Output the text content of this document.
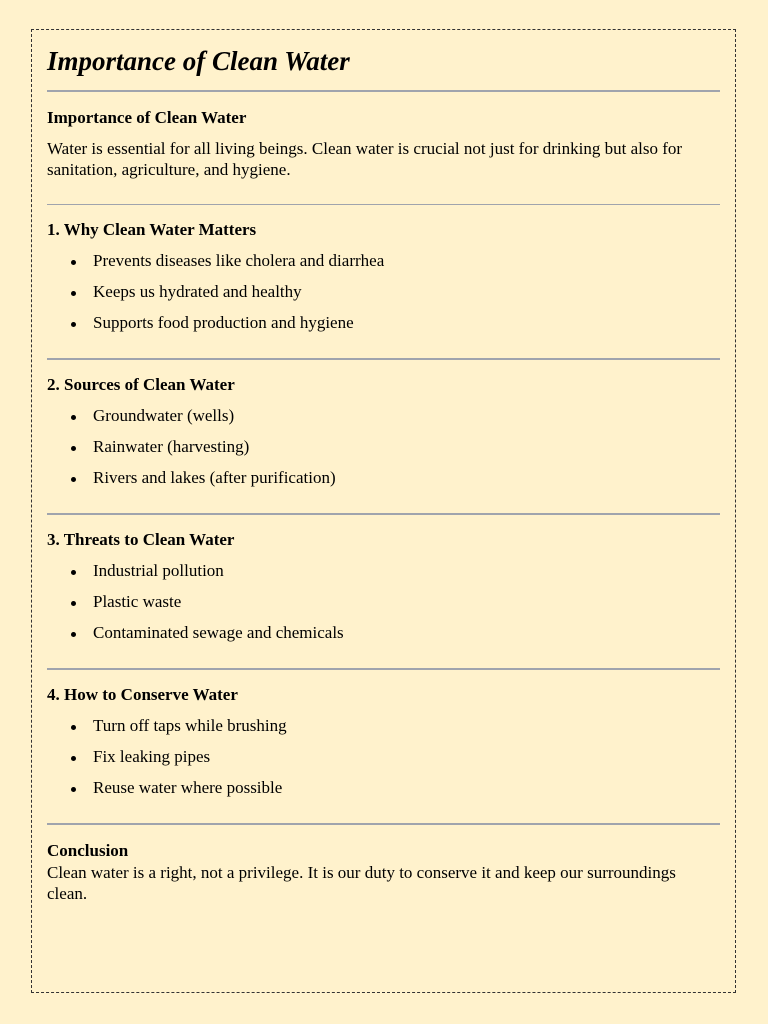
Importance of Clean Water
Importance of Clean Water

Water is essential for all living beings. Clean water is crucial not just for drinking but also for sanitation, agriculture, and hygiene.

1. Why Clean Water Matters
Prevents diseases like cholera and diarrhea
Keeps us hydrated and healthy
Supports food production and hygiene
2. Sources of Clean Water
Groundwater (wells)
Rainwater (harvesting)
Rivers and lakes (after purification)
3. Threats to Clean Water
Industrial pollution
Plastic waste
Contaminated sewage and chemicals
4. How to Conserve Water
Turn off taps while brushing
Fix leaking pipes
Reuse water where possible
Conclusion

Clean water is a right, not a privilege. It is our duty to conserve it and keep our surroundings clean.
